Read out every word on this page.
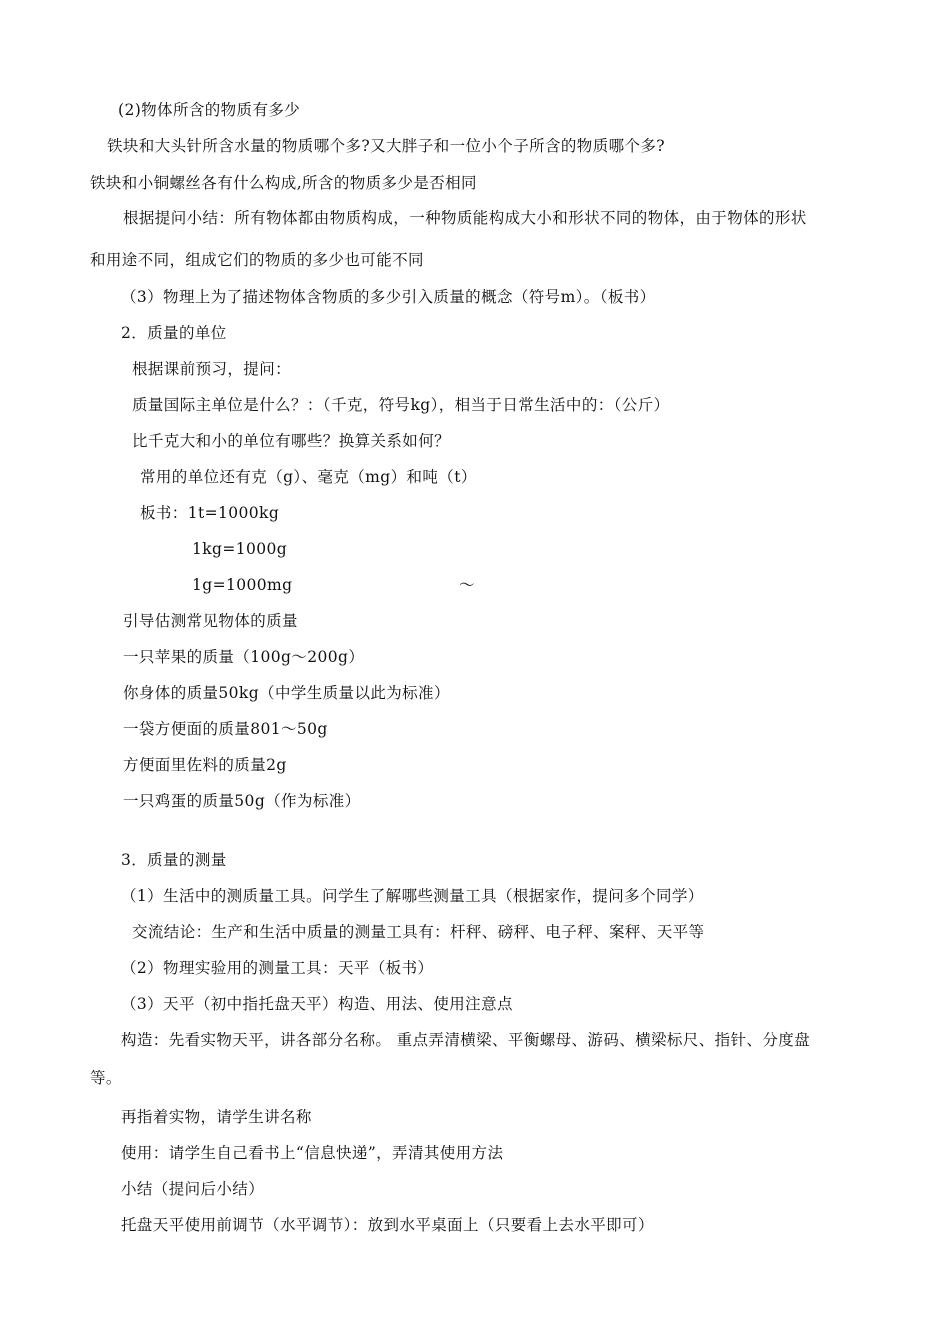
(2)物体所含的物质有多少
铁块和大头针所含水量的物质哪个多?又大胖子和一位小个子所含的物质哪个多?
铁块和小铜螺丝各有什么构成,所含的物质多少是否相同
根据提问小结：所有物体都由物质构成，一种物质能构成大小和形状不同的物体，由于物体的形状
和用途不同，组成它们的物质的多少也可能不同
（3）物理上为了描述物体含物质的多少引入质量的概念（符号m）。（板书）
2．质量的单位
根据课前预习，提问：
质量国际主单位是什么？：（千克，符号kg），相当于日常生活中的：（公斤）
比千克大和小的单位有哪些？换算关系如何？
常用的单位还有克（g）、毫克（mg）和吨（t）
板书：1t=1000kg
1kg=1000g
1g=1000mg	～
引导估测常见物体的质量
一只苹果的质量（100g～200g）
你身体的质量50kg（中学生质量以此为标准）
一袋方便面的质量801～50g
方便面里佐料的质量2g
一只鸡蛋的质量50g（作为标准）
3．质量的测量
（1）生活中的测质量工具。问学生了解哪些测量工具（根据家作，提问多个同学）
交流结论：生产和生活中质量的测量工具有：杆秤、磅秤、电子秤、案秤、天平等
（2）物理实验用的测量工具：天平（板书）
（3）天平（初中指托盘天平）构造、用法、使用注意点
构造：先看实物天平，讲各部分名称。 重点弄清横梁、平衡螺母、游码、横梁标尺、指针、分度盘
等。
再指着实物，请学生讲名称
使用：请学生自己看书上“信息快递”，弄清其使用方法
小结（提问后小结）
托盘天平使用前调节（水平调节）：放到水平桌面上（只要看上去水平即可）
